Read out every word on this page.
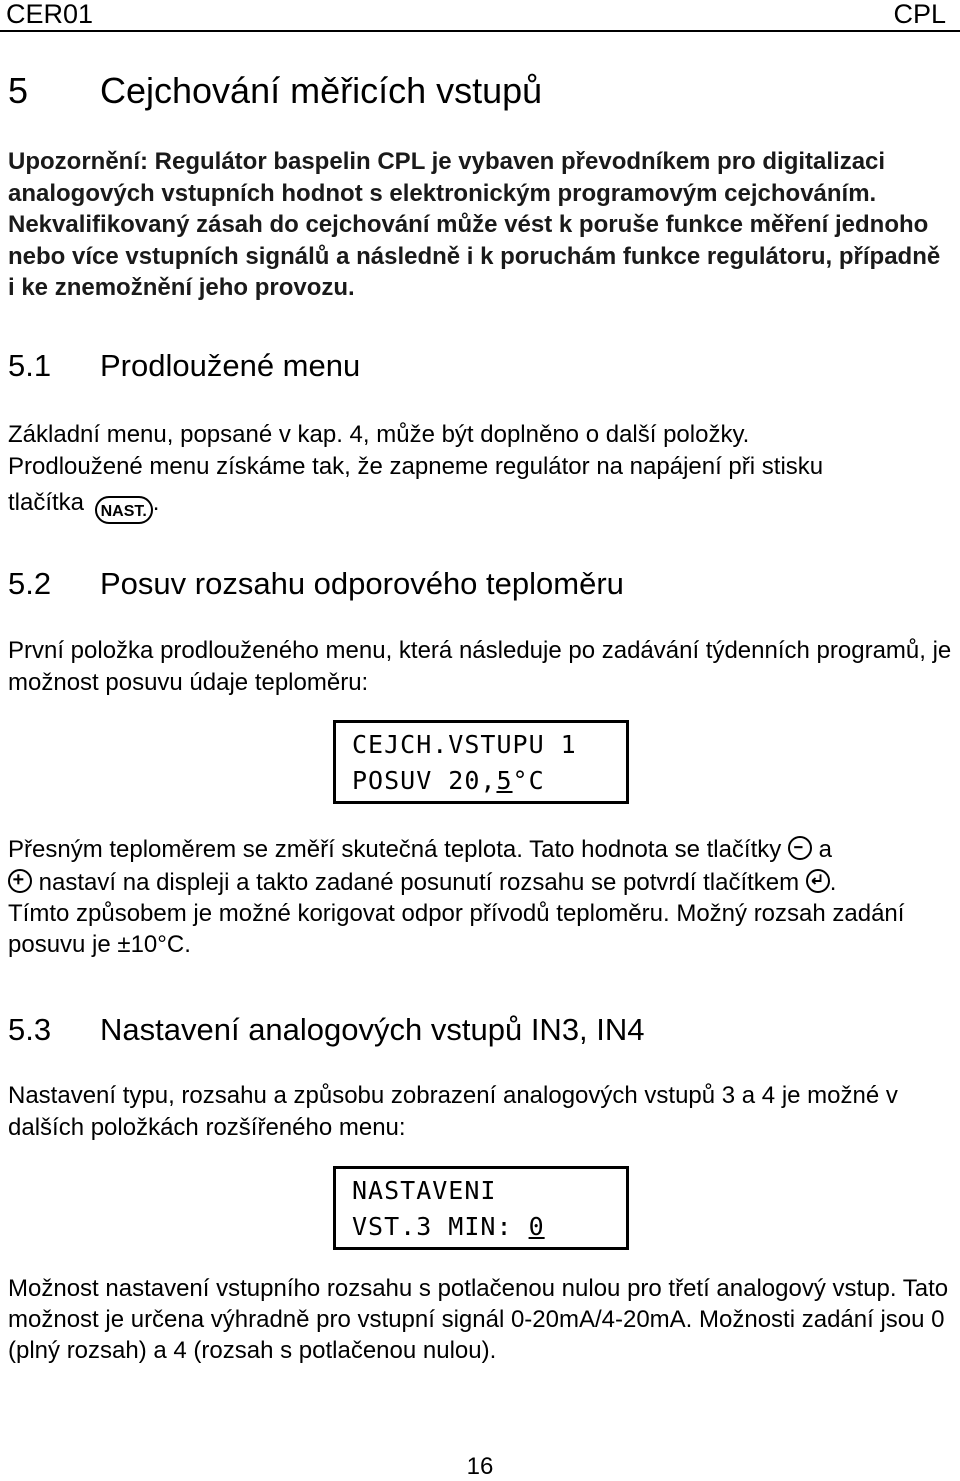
CER01	CPL
5 Cejchování měřicích vstupů
Upozornění: Regulátor baspelin CPL je vybaven převodníkem pro digitalizaci analogových vstupních hodnot s elektronickým programovým cejchováním. Nekvalifikovaný zásah do cejchování může vést k poruše funkce měření jednoho nebo více vstupních signálů a následně i k poruchám funkce regulátoru, případně i ke znemožnění jeho provozu.
5.1 Prodloužené menu
Základní menu, popsané v kap. 4, může být doplněno o další položky.
Prodloužené menu získáme tak, že zapneme regulátor na napájení při stisku
tlačítka NAST. .
5.2 Posuv rozsahu odporového teploměru
První položka prodlouženého menu, která následuje po zadávání týdenních programů, je možnost posuvu údaje teploměru:
CEJCH.VSTUPU 1
POSUV 20,5°C
Přesným teploměrem se změří skutečná teplota. Tato hodnota se tlačítky a
nastaví na displeji a takto zadané posunutí rozsahu se potvrdí tlačítkem .
Tímto způsobem je možné korigovat odpor přívodů teploměru. Možný rozsah zadání posuvu je ±10°C.
5.3 Nastavení analogových vstupů IN3, IN4
Nastavení typu, rozsahu a způsobu zobrazení analogových vstupů 3 a 4 je možné v dalších položkách rozšířeného menu:
NASTAVENI
VST.3 MIN: 0
Možnost nastavení vstupního rozsahu s potlačenou nulou pro třetí analogový vstup. Tato možnost je určena výhradně pro vstupní signál 0-20mA/4-20mA. Možnosti zadání jsou 0 (plný rozsah) a 4 (rozsah s potlačenou nulou).
16
